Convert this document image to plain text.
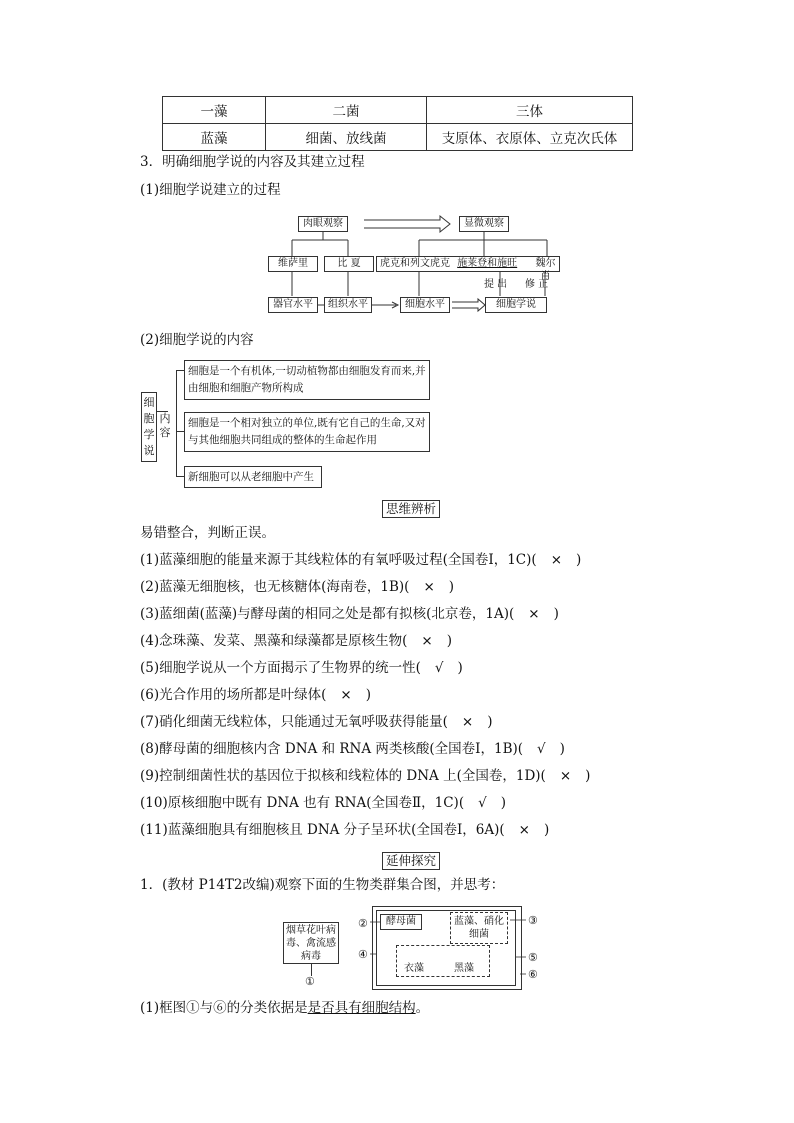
一藻	二菌	三体
蓝藻	细菌、放线菌	支原体、衣原体、立克次氏体
3．明确细胞学说的内容及其建立过程
(1)细胞学说建立的过程
肉眼观察	显微观察
维萨里	比 夏	虎克和列文虎克 施莱登和施旺	魏尔肖
提 出 修 正
器官水平	组织水平	细胞水平	细胞学说
(2)细胞学说的内容
细胞学说
内容
细胞是一个有机体,一切动植物都由细胞发育而来,并由细胞和细胞产物所构成
细胞是一个相对独立的单位,既有它自己的生命,又对与其他细胞共同组成的整体的生命起作用
新细胞可以从老细胞中产生
思维辨析
易错整合，判断正误。
(1)蓝藻细胞的能量来源于其线粒体的有氧呼吸过程(全国卷Ⅰ，1C)( × )
(2)蓝藻无细胞核，也无核糖体(海南卷，1B)( × )
(3)蓝细菌(蓝藻)与酵母菌的相同之处是都有拟核(北京卷，1A)( × )
(4)念珠藻、发菜、黑藻和绿藻都是原核生物( × )
(5)细胞学说从一个方面揭示了生物界的统一性( √ )
(6)光合作用的场所都是叶绿体( × )
(7)硝化细菌无线粒体，只能通过无氧呼吸获得能量( × )
(8)酵母菌的细胞核内含 DNA 和 RNA 两类核酸(全国卷Ⅰ，1B)( √ )
(9)控制细菌性状的基因位于拟核和线粒体的 DNA 上(全国卷，1D)( × )
(10)原核细胞中既有 DNA 也有 RNA(全国卷Ⅱ，1C)( √ )
(11)蓝藻细胞具有细胞核且 DNA 分子呈环状(全国卷Ⅰ，6A)( × )
延伸探究
1．(教材 P14T2改编)观察下面的生物类群集合图，并思考：
烟草花叶病毒、禽流感病毒
①
酵母菌	蓝藻、硝化细菌
衣藻	黑藻
②
④
③
⑤
⑥
(1)框图①与⑥的分类依据是是否具有细胞结构。
